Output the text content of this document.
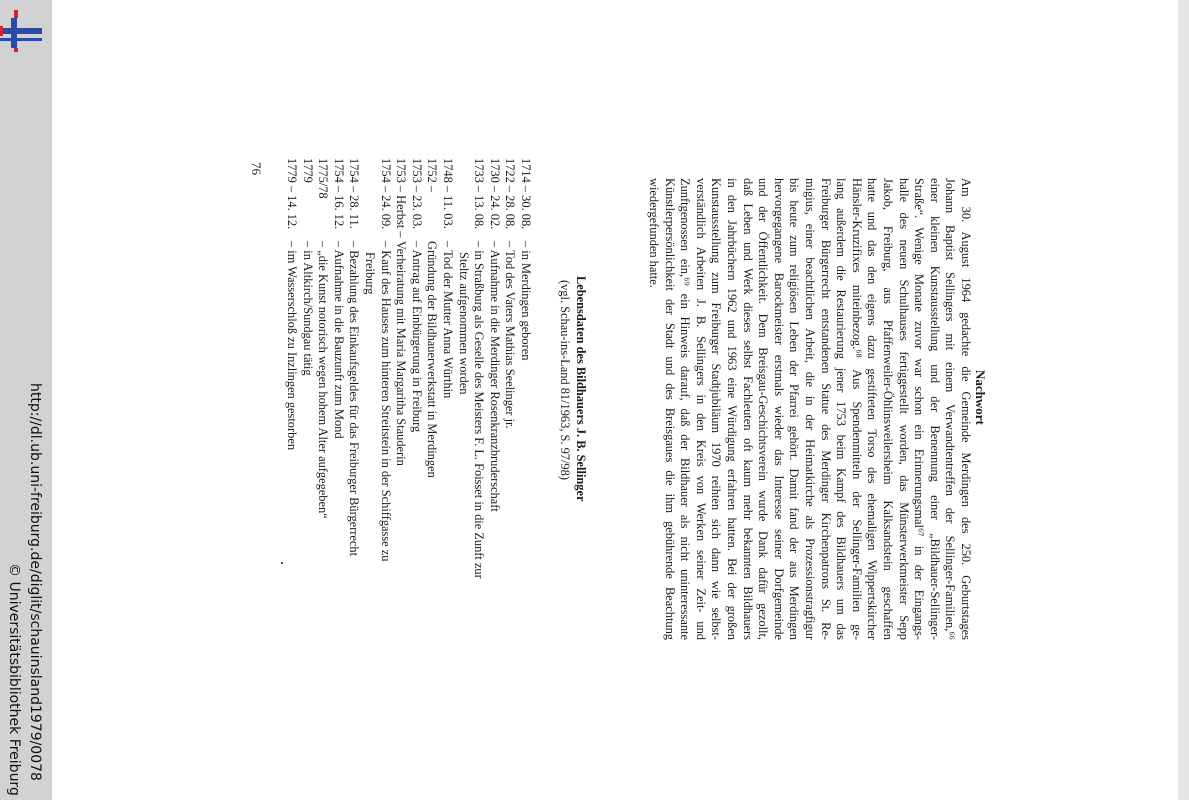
http://dl.ub.uni-freiburg.de/diglit/schauinsland1979/0078
© Universitätsbibliothek Freiburg
Nachwort
Am 30. August 1964 gedachte die Gemeinde Merdingen des 250. Geburtstages
Johann Baptist Sellingers mit einem Verwandtentreffen der Sellinger-Familien,⁶⁶
einer kleinen Kunstausstellung und der Benennung einer „Bildhauer-Sellinger-
Straße“. Wenige Monate zuvor war schon ein Erinnerungsmal⁶⁷ in der Eingangs-
halle des neuen Schulhauses fertiggestellt worden, das Münsterwerkmeister Sepp
Jakob, Freiburg, aus Pfaffenweiler-Öhlinsweilersheim Kalksandstein geschaffen
hatte und das den eigens dazu gestifteten Torso des ehemaligen Wippertskircher
Hänsler-Kruzifixes miteinbezog.⁶⁸ Aus Spendenmitteln der Sellinger-Familien ge-
lang außerdem die Restaurierung jener 1753 beim Kampf des Bildhauers um das
Freiburger Bürgerrecht entstandenen Statue des Merdinger Kirchenpatrons St. Re-
migius, einer beachtlichen Arbeit, die in der Heimatkirche als Prozessionstragfigur
bis heute zum religiösen Leben der Pfarrei gehört. Damit fand der aus Merdingen
hervorgegangene Barockmeister erstmals wieder das Interesse seiner Dorfgemeinde
und der Öffentlichkeit. Dem Breisgau-Geschichtsverein wurde Dank dafür gezollt,
daß Leben und Werk dieses selbst Fachleuten oft kaum mehr bekannten Bildhauers
in den Jahrbüchern 1962 und 1963 eine Würdigung erfahren hatten. Bei der großen
Kunstausstellung zum Freiburger Stadtjubiläum 1970 reihten sich dann wie selbst-
verständlich Arbeiten J. B. Sellingers in den Kreis von Werken seiner Zeit- und
Zunftgenossen ein,⁶⁹ ein Hinweis darauf, daß der Bildhauer als nicht uninteressante
Künstlerpersönlichkeit der Stadt und des Breisgaues die ihm gebührende Beachtung
wiedergefunden hatte.
Lebensdaten des Bildhauers J. B. Sellinger
(vgl. Schau-ins-Land 81/1963, S. 97/98)
1714 – 30. 08.– in Merdingen geboren
1722 – 28. 08.– Tod des Vaters Mathias Seelinger jr.
1730 – 24. 02.– Aufnahme in die Merdinger Rosenkranzbruderschaft
1733 – 13. 08.– in Straßburg als Geselle des Meisters F. L. Foisset in die Zunft zur
Steltz aufgenommen worden
1748 – 11. 03.– Tod der Mutter Anna Würthin
1752 –Gründung der Bildhauerwerkstatt in Merdingen
1753 – 23. 03.– Antrag auf Einbürgerung in Freiburg
1753 – Herbst –Verheiratung mit Maria Margaritha Stauderin
1754 – 24. 09.– Kauf des Hauses zum hinteren Streitstein in der Schiffgasse zu
Freiburg
1754 – 28. 11.– Bezahlung des Einkaufsgeldes für das Freiburger Bürgerrecht
1754 – 16. 12.– Aufnahme in die Bauzunft zum Mond
1775/78– „die Kunst notorisch wegen hohem Alter aufgegeben“
1779– in Altkirch/Sundgau tätig
1779 – 14. 12.– im Wasserschloß zu Inzlingen gestorben
76
